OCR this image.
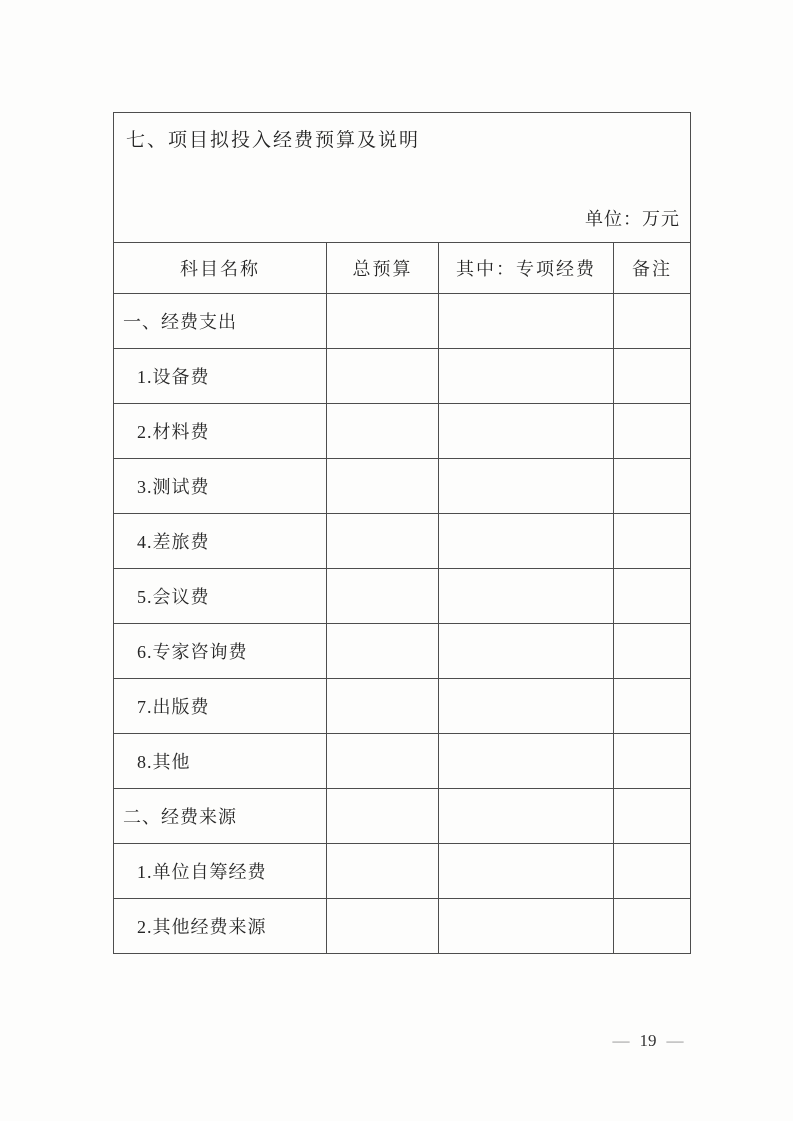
七、项目拟投入经费预算及说明
单位：万元			

科目名称	总预算	其中：专项经费	备注
一、经费支出			
1.设备费			
2.材料费			
3.测试费			
4.差旅费			
5.会议费			
6.专家咨询费			
7.出版费			
8.其他			
二、经费来源			
1.单位自筹经费			
2.其他经费来源			
— 19 —
